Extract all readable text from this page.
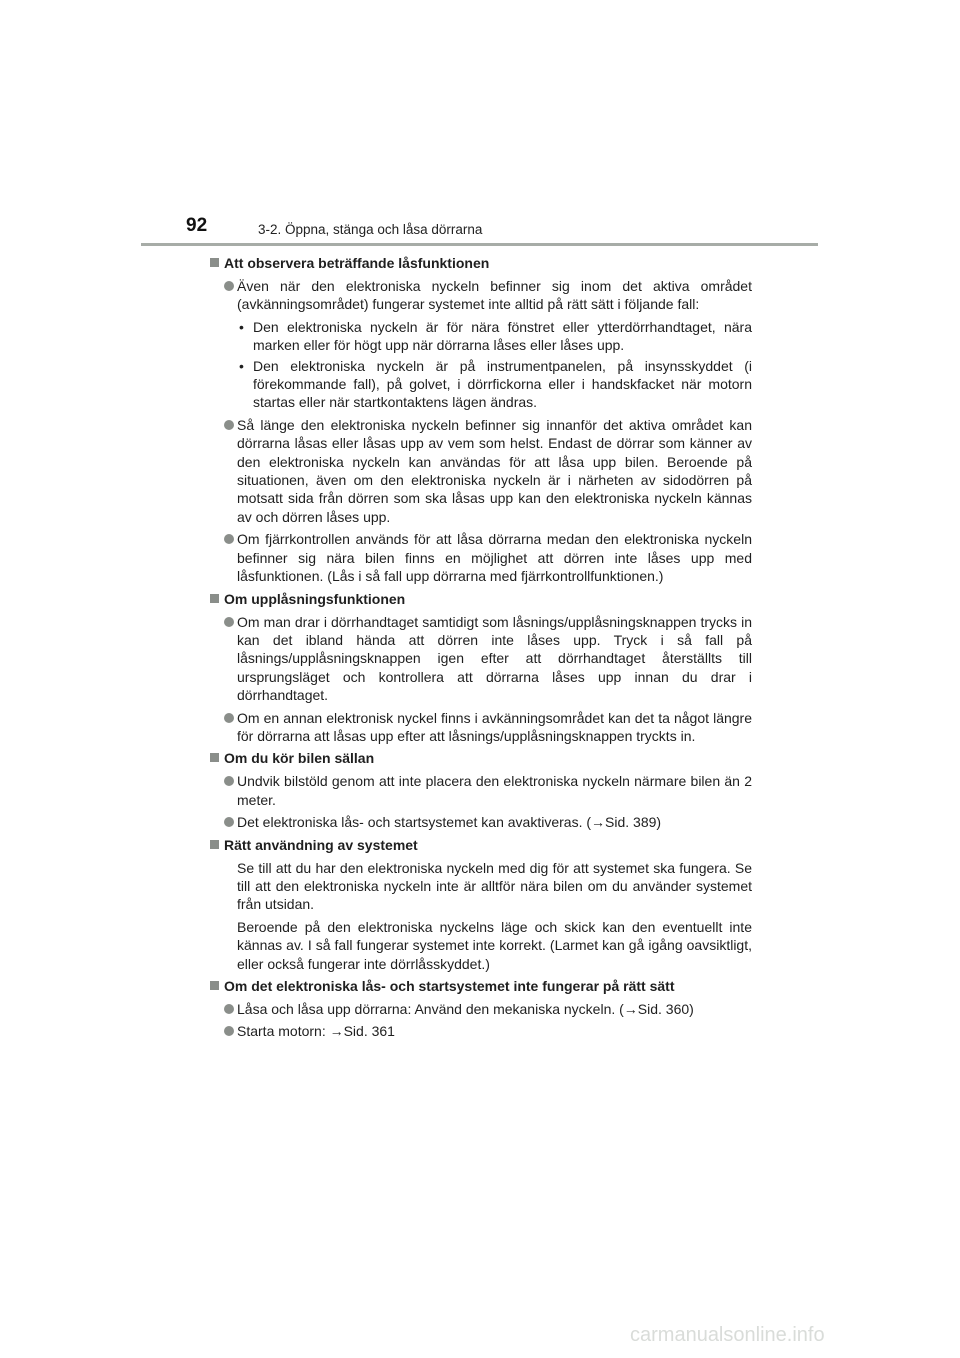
92	3-2. Öppna, stänga och låsa dörrarna
Att observera beträffande låsfunktionen
Även när den elektroniska nyckeln befinner sig inom det aktiva området (avkänningsområdet) fungerar systemet inte alltid på rätt sätt i följande fall:
• Den elektroniska nyckeln är för nära fönstret eller ytterdörrhandtaget, nära marken eller för högt upp när dörrarna låses eller låses upp.
• Den elektroniska nyckeln är på instrumentpanelen, på insynsskyddet (i förekommande fall), på golvet, i dörrfickorna eller i handskfacket när motorn startas eller när startkontaktens lägen ändras.
Så länge den elektroniska nyckeln befinner sig innanför det aktiva området kan dörrarna låsas eller låsas upp av vem som helst. Endast de dörrar som känner av den elektroniska nyckeln kan användas för att låsa upp bilen. Beroende på situationen, även om den elektroniska nyckeln är i närheten av sidodörren på motsatt sida från dörren som ska låsas upp kan den elektroniska nyckeln kännas av och dörren låses upp.
Om fjärrkontrollen används för att låsa dörrarna medan den elektroniska nyckeln befinner sig nära bilen finns en möjlighet att dörren inte låses upp med låsfunktionen. (Lås i så fall upp dörrarna med fjärrkontrollfunktionen.)
Om upplåsningsfunktionen
Om man drar i dörrhandtaget samtidigt som låsnings/upplåsningsknappen trycks in kan det ibland hända att dörren inte låses upp. Tryck i så fall på låsnings/upplåsningsknappen igen efter att dörrhandtaget återställts till ursprungsläget och kontrollera att dörrarna låses upp innan du drar i dörrhandtaget.
Om en annan elektronisk nyckel finns i avkänningsområdet kan det ta något längre för dörrarna att låsas upp efter att låsnings/upplåsningsknappen tryckts in.
Om du kör bilen sällan
Undvik bilstöld genom att inte placera den elektroniska nyckeln närmare bilen än 2 meter.
Det elektroniska lås- och startsystemet kan avaktiveras. (→Sid. 389)
Rätt användning av systemet
Se till att du har den elektroniska nyckeln med dig för att systemet ska fungera. Se till att den elektroniska nyckeln inte är alltför nära bilen om du använder systemet från utsidan.
Beroende på den elektroniska nyckelns läge och skick kan den eventuellt inte kännas av. I så fall fungerar systemet inte korrekt. (Larmet kan gå igång oavsiktligt, eller också fungerar inte dörrlåsskyddet.)
Om det elektroniska lås- och startsystemet inte fungerar på rätt sätt
Låsa och låsa upp dörrarna: Använd den mekaniska nyckeln. (→Sid. 360)
Starta motorn: →Sid. 361
carmanualsonline.info
